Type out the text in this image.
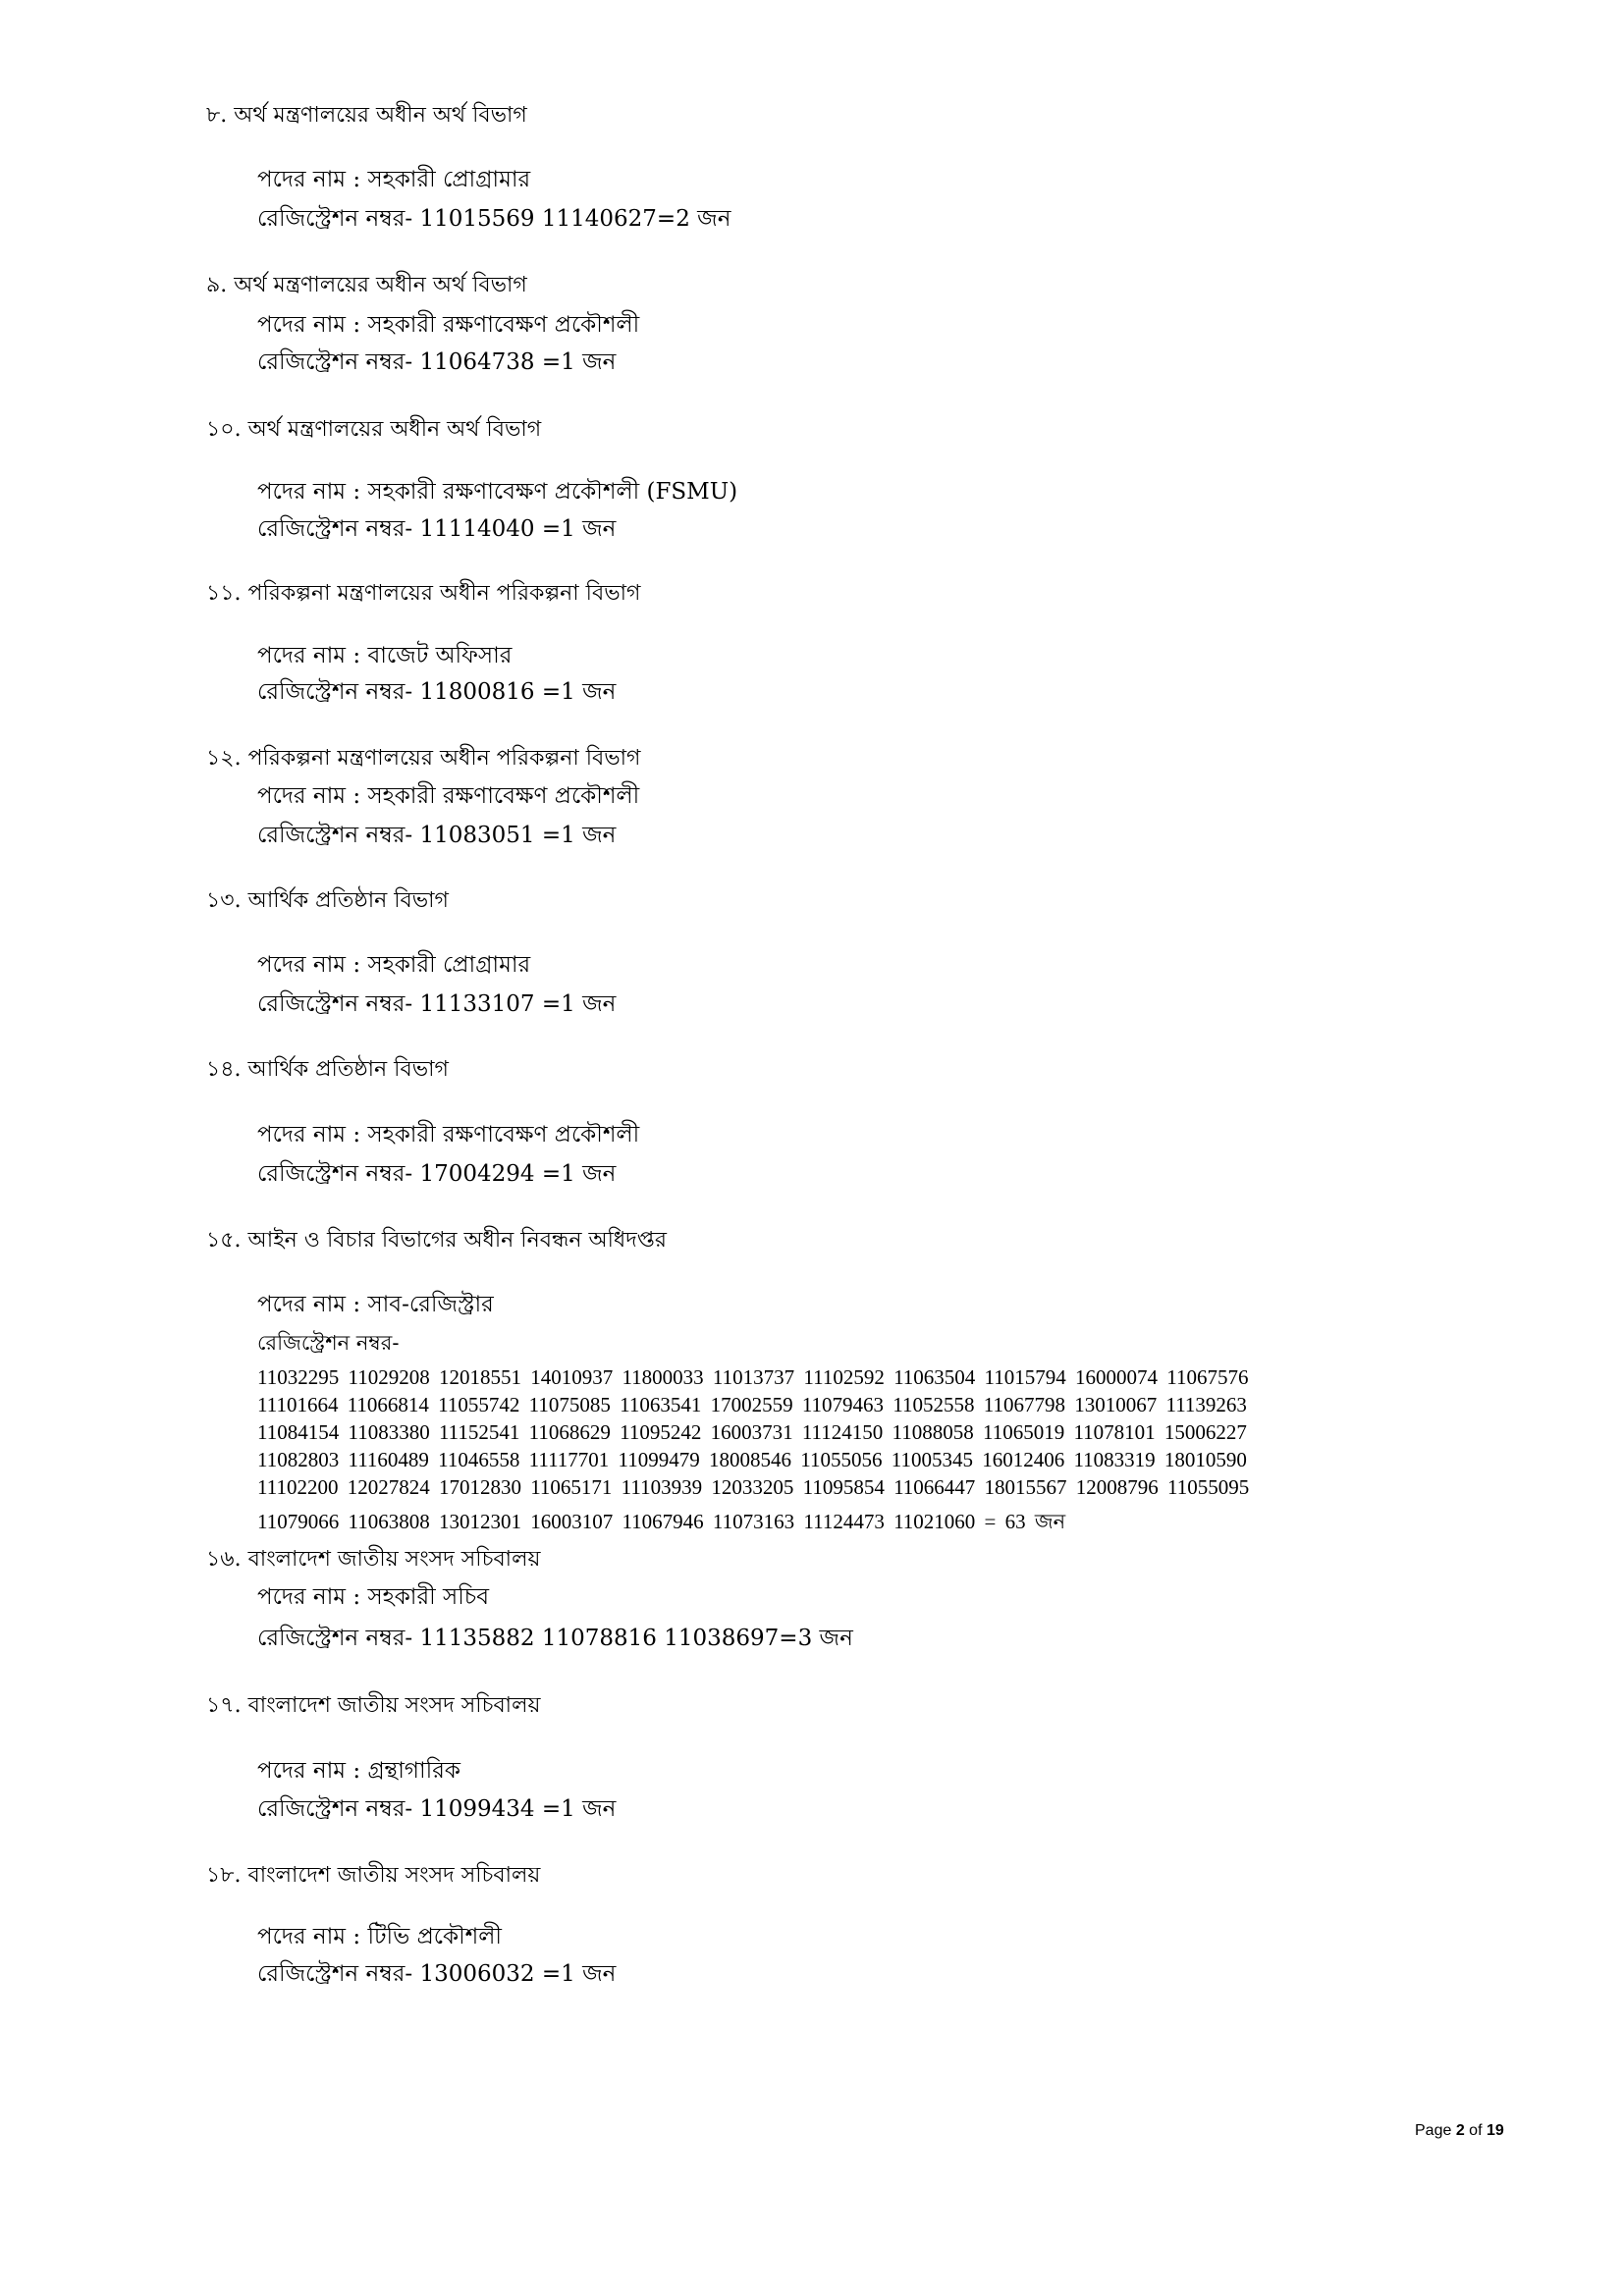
৮. অর্থ মন্ত্রণালয়ের অধীন অর্থ বিভাগ
পদের নাম : সহকারী প্রোগ্রামার
রেজিস্ট্রেশন নম্বর- 11015569 11140627=2 জন
৯. অর্থ মন্ত্রণালয়ের অধীন অর্থ বিভাগ
পদের নাম : সহকারী রক্ষণাবেক্ষণ প্রকৌশলী
রেজিস্ট্রেশন নম্বর- 11064738 =1 জন
১০. অর্থ মন্ত্রণালয়ের অধীন অর্থ বিভাগ
পদের নাম : সহকারী রক্ষণাবেক্ষণ প্রকৌশলী (FSMU)
রেজিস্ট্রেশন নম্বর- 11114040 =1 জন
১১. পরিকল্পনা মন্ত্রণালয়ের অধীন পরিকল্পনা বিভাগ
পদের নাম : বাজেট অফিসার
রেজিস্ট্রেশন নম্বর- 11800816 =1 জন
১২. পরিকল্পনা মন্ত্রণালয়ের অধীন পরিকল্পনা বিভাগ
পদের নাম : সহকারী রক্ষণাবেক্ষণ প্রকৌশলী
রেজিস্ট্রেশন নম্বর- 11083051 =1 জন
১৩. আর্থিক প্রতিষ্ঠান বিভাগ
পদের নাম : সহকারী প্রোগ্রামার
রেজিস্ট্রেশন নম্বর- 11133107 =1 জন
১৪. আর্থিক প্রতিষ্ঠান বিভাগ
পদের নাম : সহকারী রক্ষণাবেক্ষণ প্রকৌশলী
রেজিস্ট্রেশন নম্বর- 17004294 =1 জন
১৫. আইন ও বিচার বিভাগের অধীন নিবন্ধন অধিদপ্তর
পদের নাম : সাব-রেজিস্ট্রার
রেজিস্ট্রেশন নম্বর-
11032295 11029208 12018551 14010937 11800033 11013737 11102592 11063504 11015794 16000074 11067576
11101664 11066814 11055742 11075085 11063541 17002559 11079463 11052558 11067798 13010067 11139263
11084154 11083380 11152541 11068629 11095242 16003731 11124150 11088058 11065019 11078101 15006227
11082803 11160489 11046558 11117701 11099479 18008546 11055056 11005345 16012406 11083319 18010590
11102200 12027824 17012830 11065171 11103939 12033205 11095854 11066447 18015567 12008796 11055095
11079066 11063808 13012301 16003107 11067946 11073163 11124473 11021060 = 63 জন
১৬. বাংলাদেশ জাতীয় সংসদ সচিবালয়
পদের নাম : সহকারী সচিব
রেজিস্ট্রেশন নম্বর- 11135882 11078816 11038697=3 জন
১৭. বাংলাদেশ জাতীয় সংসদ সচিবালয়
পদের নাম : গ্রন্থাগারিক
রেজিস্ট্রেশন নম্বর- 11099434 =1 জন
১৮. বাংলাদেশ জাতীয় সংসদ সচিবালয়
পদের নাম : টিভি প্রকৌশলী
রেজিস্ট্রেশন নম্বর- 13006032 =1 জন
Page 2 of 19
